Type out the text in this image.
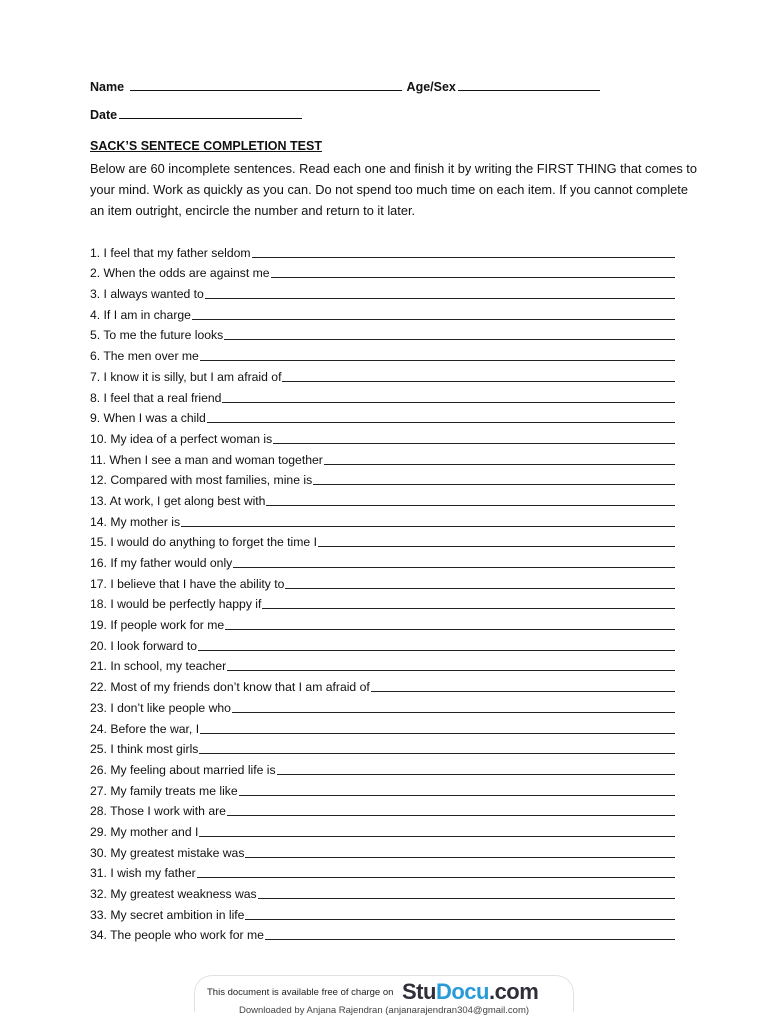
Name	Age/Sex
Date
SACK’S SENTECE COMPLETION TEST

Below are 60 incomplete sentences. Read each one and finish it by writing the FIRST THING that comes to your mind. Work as quickly as you can. Do not spend too much time on each item. If you cannot complete an item outright, encircle the number and return to it later.

1. I feel that my father seldom
2. When the odds are against me
3. I always wanted to
4. If I am in charge
5. To me the future looks
6. The men over me
7. I know it is silly, but I am afraid of
8. I feel that a real friend
9. When I was a child
10. My idea of a perfect woman is
11. When I see a man and woman together
12. Compared with most families, mine is
13. At work, I get along best with
14. My mother is
15. I would do anything to forget the time I
16. If my father would only
17. I believe that I have the ability to
18. I would be perfectly happy if
19. If people work for me
20. I look forward to
21. In school, my teacher
22. Most of my friends don’t know that I am afraid of
23. I don’t like people who
24. Before the war, I
25. I think most girls
26. My feeling about married life is
27. My family treats me like
28. Those I work with are
29. My mother and I
30. My greatest mistake was
31. I wish my father
32. My greatest weakness was
33. My secret ambition in life
34. The people who work for me
This document is available free of charge on StuDocu.com
Downloaded by Anjana Rajendran (anjanarajendran304@gmail.com)
